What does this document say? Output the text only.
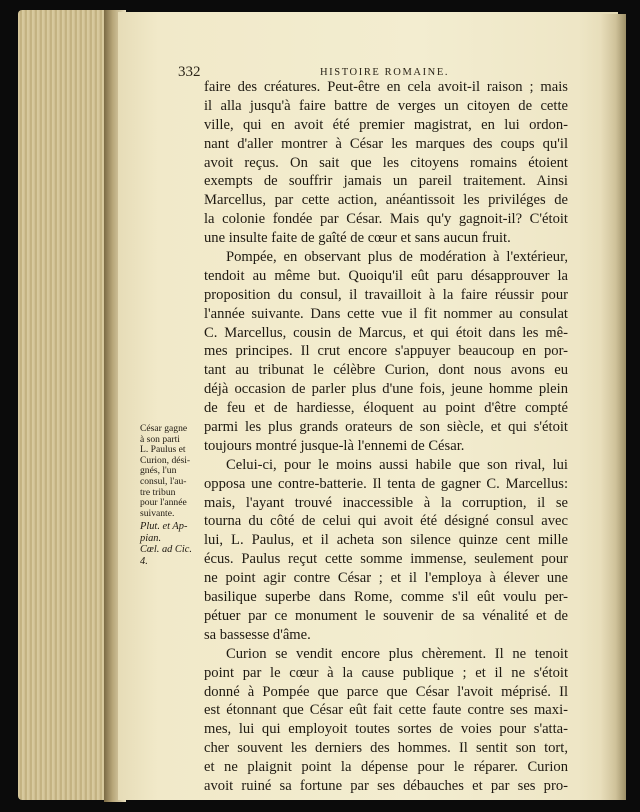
332	HISTOIRE ROMAINE.
faire des créatures. Peut-être en cela avoit-il raison ; mais
il alla jusqu'à faire battre de verges un citoyen de cette
ville, qui en avoit été premier magistrat, en lui ordon-
nant d'aller montrer à César les marques des coups qu'il
avoit reçus. On sait que les citoyens romains étoient
exempts de souffrir jamais un pareil traitement. Ainsi
Marcellus, par cette action, anéantissoit les priviléges de
la colonie fondée par César. Mais qu'y gagnoit-il? C'étoit
une insulte faite de gaîté de cœur et sans aucun fruit.
Pompée, en observant plus de modération à l'extérieur,
tendoit au même but. Quoiqu'il eût paru désapprouver la
proposition du consul, il travailloit à la faire réussir pour
l'année suivante. Dans cette vue il fit nommer au consulat
C. Marcellus, cousin de Marcus, et qui étoit dans les mê-
mes principes. Il crut encore s'appuyer beaucoup en por-
tant au tribunat le célèbre Curion, dont nous avons eu
déjà occasion de parler plus d'une fois, jeune homme plein
de feu et de hardiesse, éloquent au point d'être compté
parmi les plus grands orateurs de son siècle, et qui s'étoit
toujours montré jusque-là l'ennemi de César.
Celui-ci, pour le moins aussi habile que son rival, lui
opposa une contre-batterie. Il tenta de gagner C. Marcellus:
mais, l'ayant trouvé inaccessible à la corruption, il se
tourna du côté de celui qui avoit été désigné consul avec
lui, L. Paulus, et il acheta son silence quinze cent mille
écus. Paulus reçut cette somme immense, seulement pour
ne point agir contre César ; et il l'employa à élever une
basilique superbe dans Rome, comme s'il eût voulu per-
pétuer par ce monument le souvenir de sa vénalité et de
sa bassesse d'âme.
Curion se vendit encore plus chèrement. Il ne tenoit
point par le cœur à la cause publique ; et il ne s'étoit
donné à Pompée que parce que César l'avoit méprisé. Il
est étonnant que César eût fait cette faute contre ses maxi-
mes, lui qui employoit toutes sortes de voies pour s'atta-
cher souvent les derniers des hommes. Il sentit son tort,
et ne plaignit point la dépense pour le réparer. Curion
avoit ruiné sa fortune par ses débauches et par ses pro-
César gagne
à son parti
L. Paulus et
Curion, dési-
gnés, l'un
consul, l'au-
tre tribun
pour l'année
suivante.
Plut. et Ap-
pian.
Cœl. ad Cic.
4.
